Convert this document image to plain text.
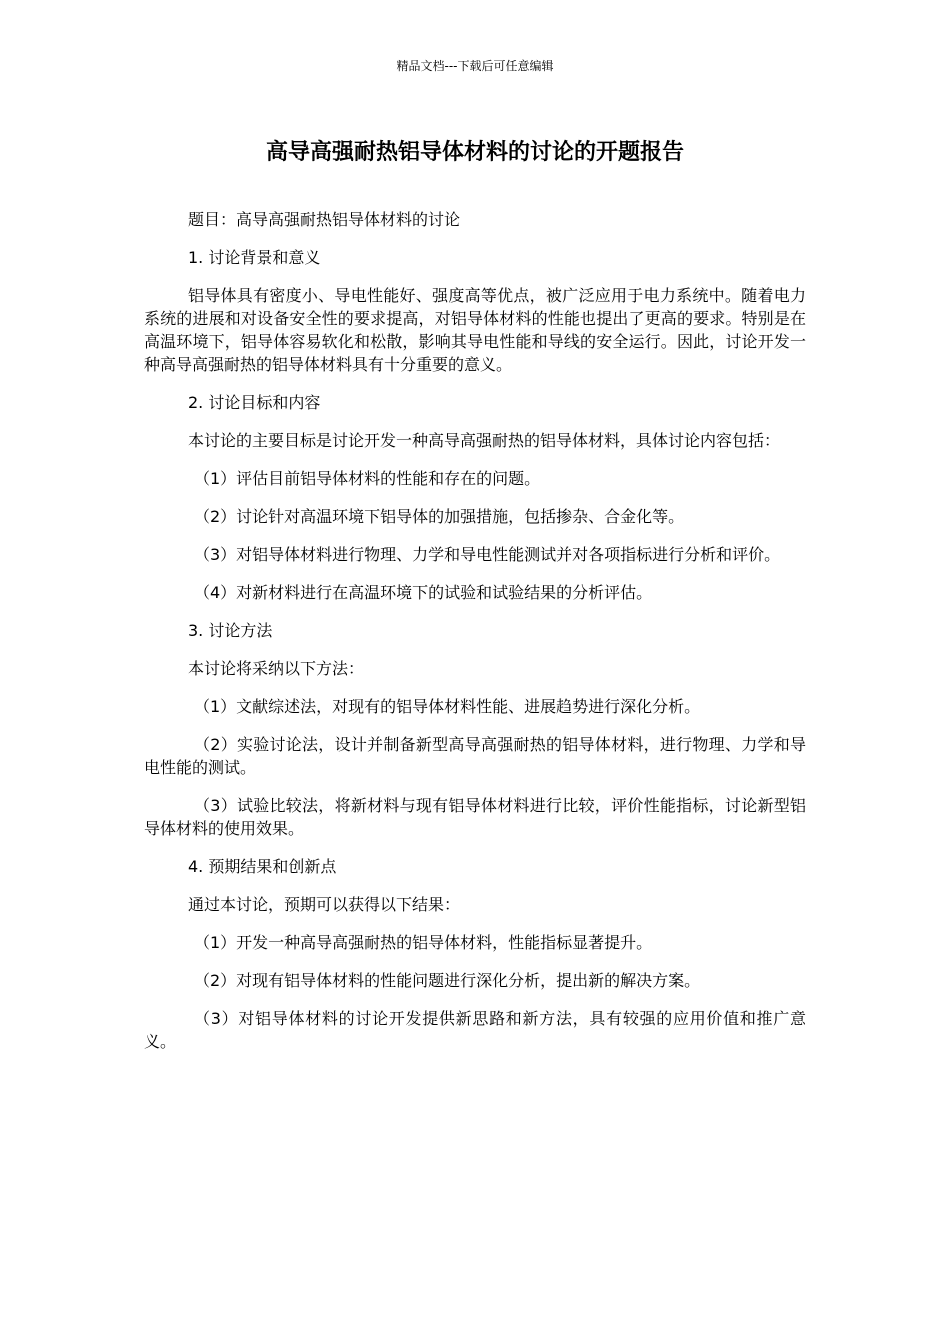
精品文档---下载后可任意编辑
高导高强耐热铝导体材料的讨论的开题报告

题目：高导高强耐热铝导体材料的讨论

1. 讨论背景和意义

铝导体具有密度小、导电性能好、强度高等优点，被广泛应用于电力系统中。随着电力系统的进展和对设备安全性的要求提高，对铝导体材料的性能也提出了更高的要求。特别是在高温环境下，铝导体容易软化和松散，影响其导电性能和导线的安全运行。因此，讨论开发一种高导高强耐热的铝导体材料具有十分重要的意义。

2. 讨论目标和内容

本讨论的主要目标是讨论开发一种高导高强耐热的铝导体材料，具体讨论内容包括：

（1）评估目前铝导体材料的性能和存在的问题。

（2）讨论针对高温环境下铝导体的加强措施，包括掺杂、合金化等。

（3）对铝导体材料进行物理、力学和导电性能测试并对各项指标进行分析和评价。

（4）对新材料进行在高温环境下的试验和试验结果的分析评估。

3. 讨论方法

本讨论将采纳以下方法：

（1）文献综述法，对现有的铝导体材料性能、进展趋势进行深化分析。

（2）实验讨论法，设计并制备新型高导高强耐热的铝导体材料，进行物理、力学和导电性能的测试。

（3）试验比较法，将新材料与现有铝导体材料进行比较，评价性能指标，讨论新型铝导体材料的使用效果。

4. 预期结果和创新点

通过本讨论，预期可以获得以下结果：

（1）开发一种高导高强耐热的铝导体材料，性能指标显著提升。

（2）对现有铝导体材料的性能问题进行深化分析，提出新的解决方案。

（3）对铝导体材料的讨论开发提供新思路和新方法，具有较强的应用价值和推广意义。
